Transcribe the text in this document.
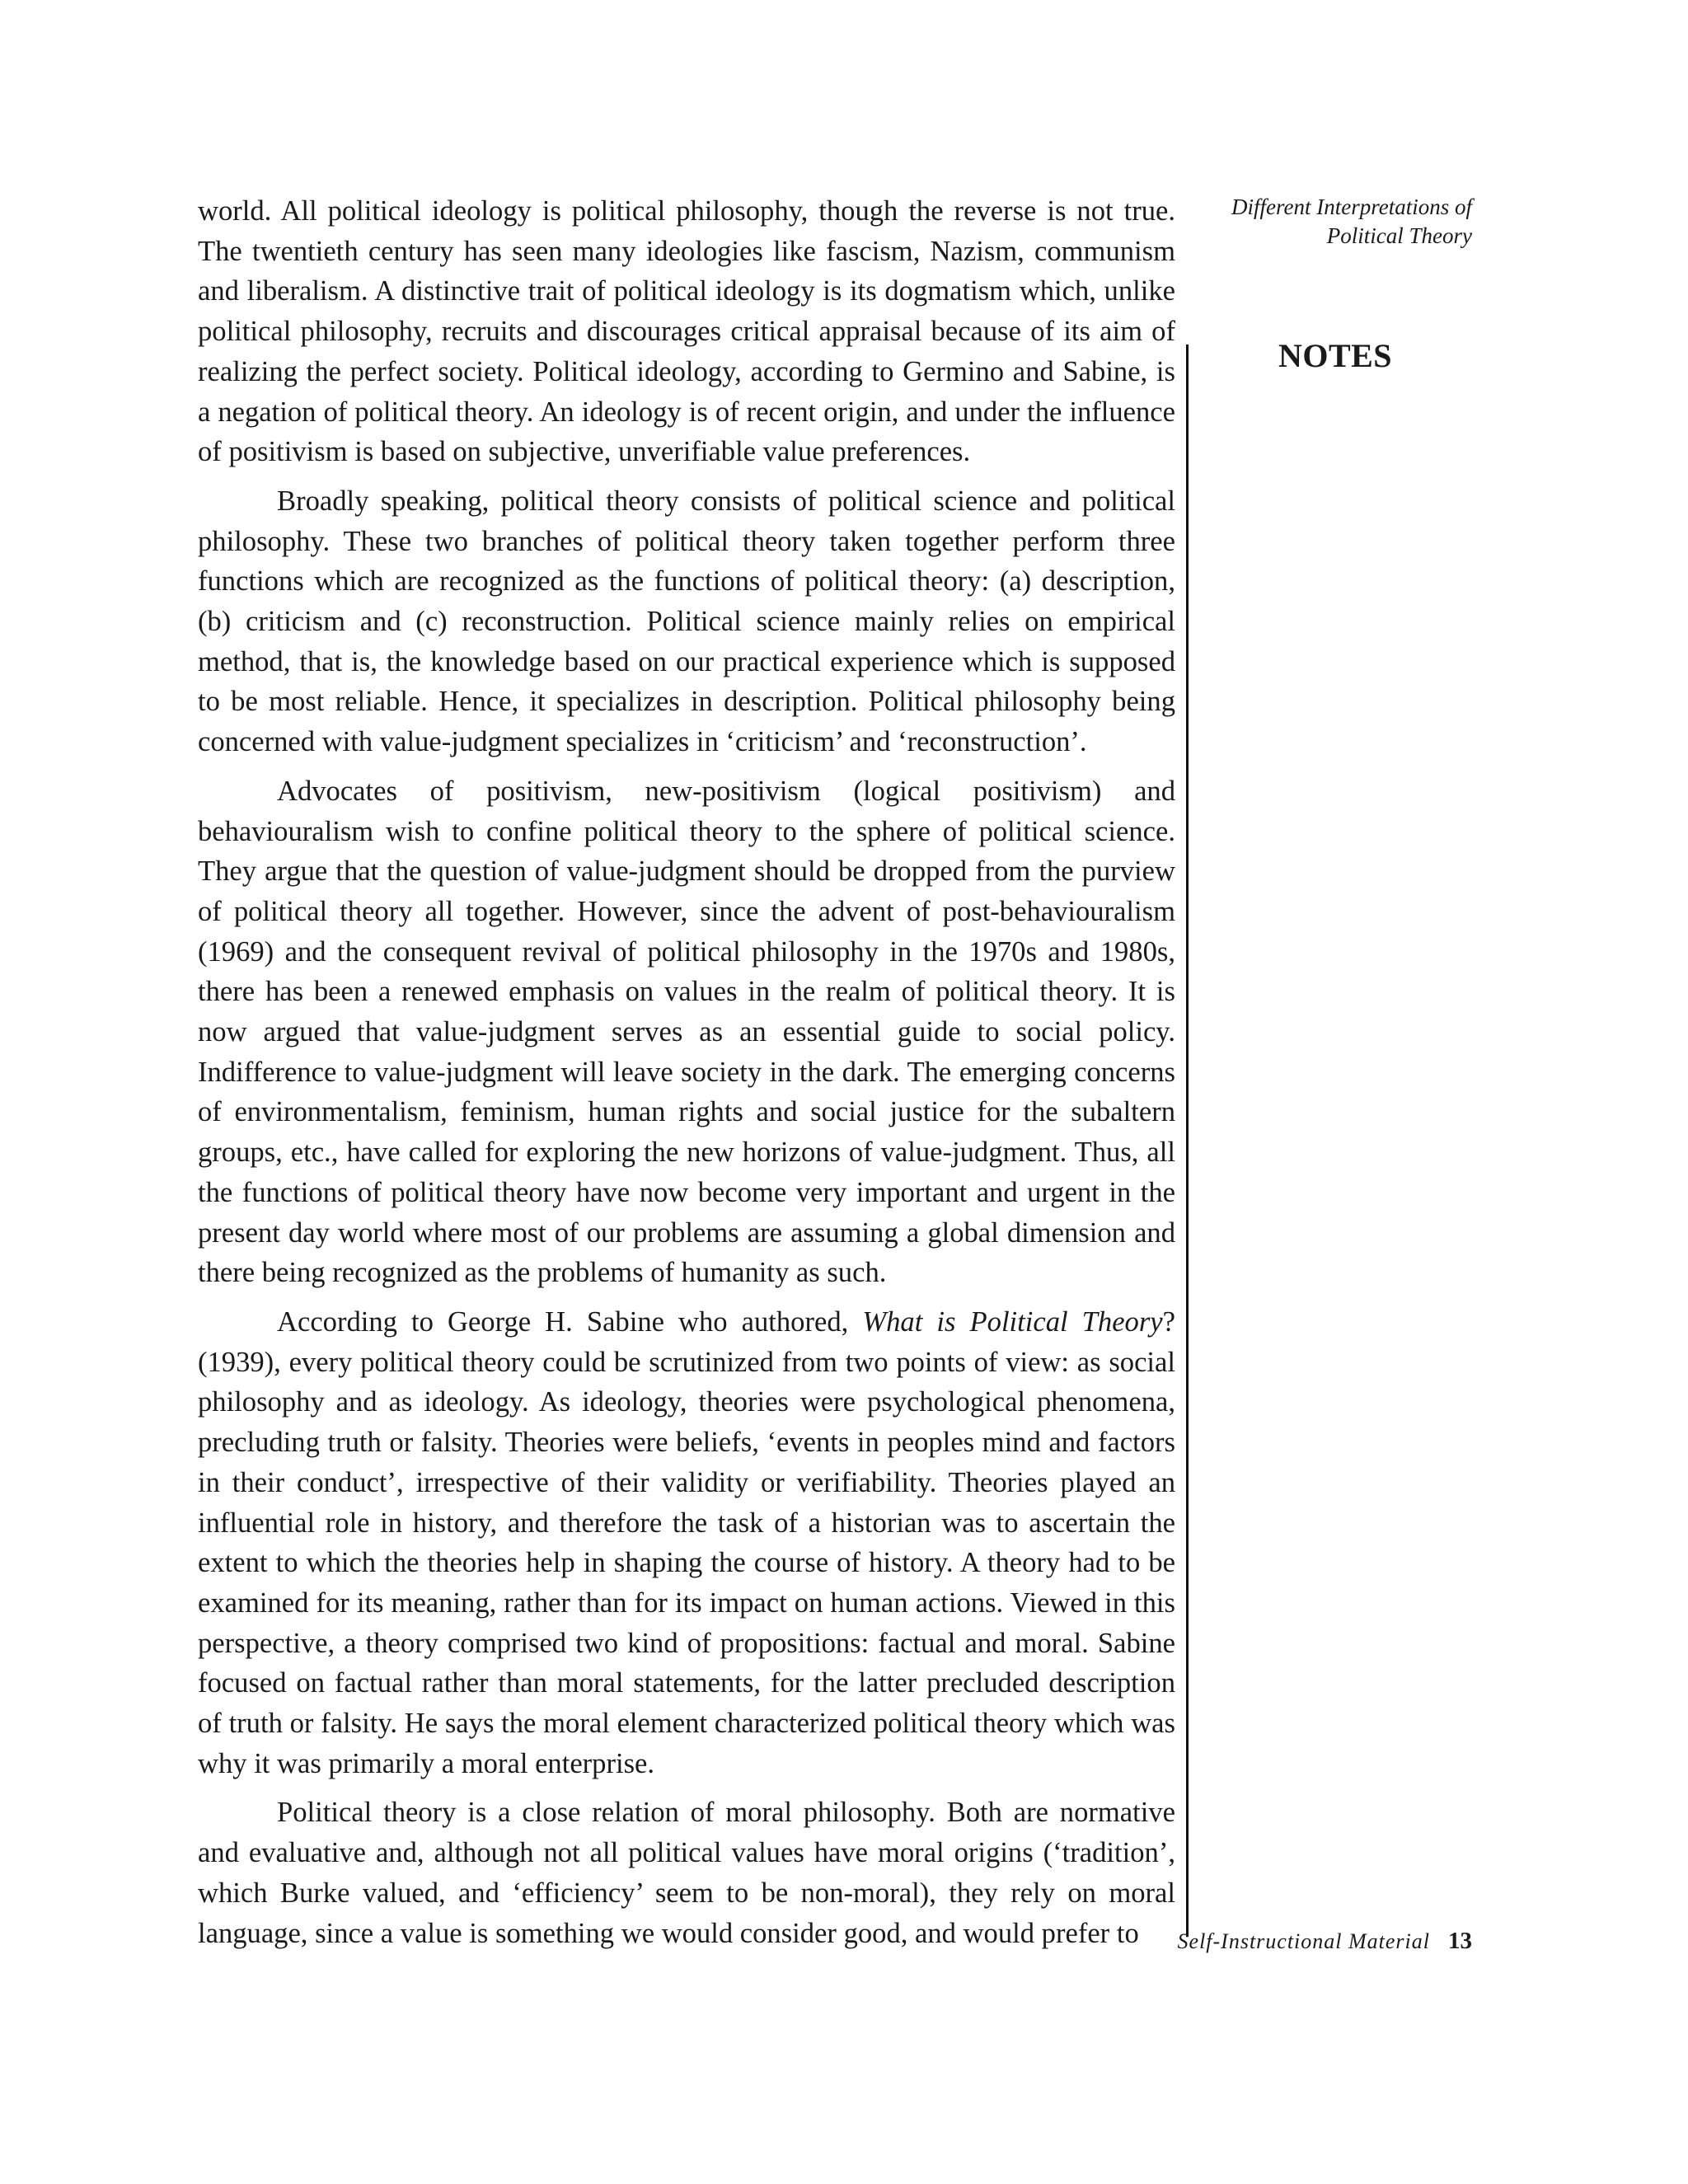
world. All political ideology is political philosophy, though the reverse is not true. The twentieth century has seen many ideologies like fascism, Nazism, communism and liberalism. A distinctive trait of political ideology is its dogmatism which, unlike political philosophy, recruits and discourages critical appraisal because of its aim of realizing the perfect society. Political ideology, according to Germino and Sabine, is a negation of political theory. An ideology is of recent origin, and under the influence of positivism is based on subjective, unverifiable value preferences.

Broadly speaking, political theory consists of political science and political philosophy. These two branches of political theory taken together perform three functions which are recognized as the functions of political theory: (a) description, (b) criticism and (c) reconstruction. Political science mainly relies on empirical method, that is, the knowledge based on our practical experience which is supposed to be most reliable. Hence, it specializes in description. Political philosophy being concerned with value-judgment specializes in ‘criticism’ and ‘reconstruction’.

Advocates of positivism, new-positivism (logical positivism) and behaviouralism wish to confine political theory to the sphere of political science. They argue that the question of value-judgment should be dropped from the purview of political theory all together. However, since the advent of post-behaviouralism (1969) and the consequent revival of political philosophy in the 1970s and 1980s, there has been a renewed emphasis on values in the realm of political theory. It is now argued that value-judgment serves as an essential guide to social policy. Indifference to value-judgment will leave society in the dark. The emerging concerns of environmentalism, feminism, human rights and social justice for the subaltern groups, etc., have called for exploring the new horizons of value-judgment. Thus, all the functions of political theory have now become very important and urgent in the present day world where most of our problems are assuming a global dimension and there being recognized as the problems of humanity as such.

According to George H. Sabine who authored, What is Political Theory? (1939), every political theory could be scrutinized from two points of view: as social philosophy and as ideology. As ideology, theories were psychological phenomena, precluding truth or falsity. Theories were beliefs, ‘events in peoples mind and factors in their conduct’, irrespective of their validity or verifiability. Theories played an influential role in history, and therefore the task of a historian was to ascertain the extent to which the theories help in shaping the course of history. A theory had to be examined for its meaning, rather than for its impact on human actions. Viewed in this perspective, a theory comprised two kind of propositions: factual and moral. Sabine focused on factual rather than moral statements, for the latter precluded description of truth or falsity. He says the moral element characterized political theory which was why it was primarily a moral enterprise.

Political theory is a close relation of moral philosophy. Both are normative and evaluative and, although not all political values have moral origins (‘tradition’, which Burke valued, and ‘efficiency’ seem to be non-moral), they rely on moral language, since a value is something we would consider good, and would prefer to

Different Interpretations of
Political Theory
NOTES
Self-Instructional Material 13
